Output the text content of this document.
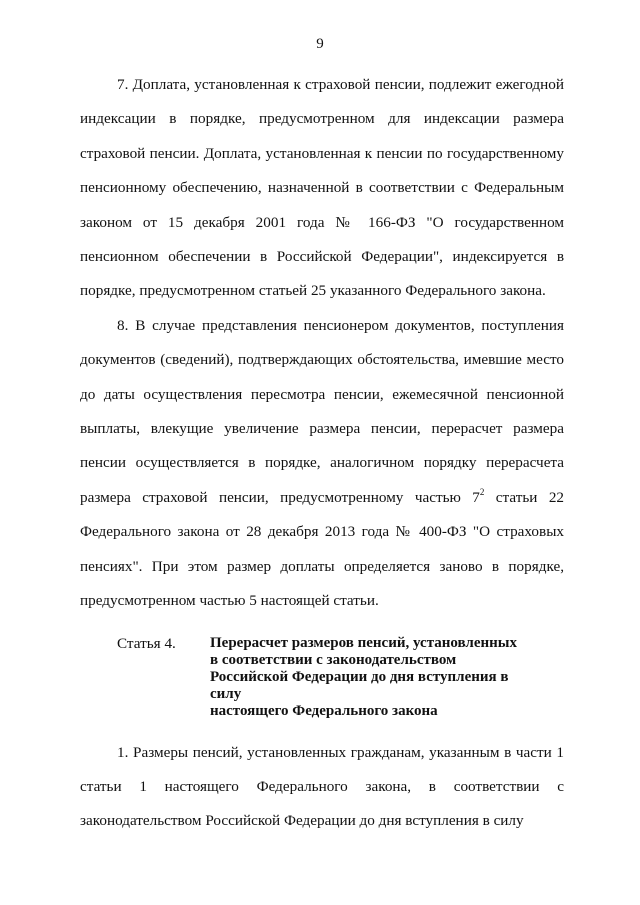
9

7. Доплата, установленная к страховой пенсии, подлежит ежегодной индексации в порядке, предусмотренном для индексации размера страховой пенсии. Доплата, установленная к пенсии по государственному пенсионному обеспечению, назначенной в соответствии с Федеральным законом от 15 декабря 2001 года № 166-ФЗ "О государственном пенсионном обеспечении в Российской Федерации", индексируется в порядке, предусмотренном статьей 25 указанного Федерального закона.

8. В случае представления пенсионером документов, поступления документов (сведений), подтверждающих обстоятельства, имевшие место до даты осуществления пересмотра пенсии, ежемесячной пенсионной выплаты, влекущие увеличение размера пенсии, перерасчет размера пенсии осуществляется в порядке, аналогичном порядку перерасчета размера страховой пенсии, предусмотренному частью $7^2$ статьи 22 Федерального закона от 28 декабря 2013 года № 400-ФЗ "О страховых пенсиях". При этом размер доплаты определяется заново в порядке, предусмотренном частью 5 настоящей статьи.

Статья 4.	Перерасчет размеров пенсий, установленных
в соответствии с законодательством
Российской Федерации до дня вступления в силу
настоящего Федерального закона

1. Размеры пенсий, установленных гражданам, указанным в части 1 статьи 1 настоящего Федерального закона, в соответствии с законодательством Российской Федерации до дня вступления в силу
